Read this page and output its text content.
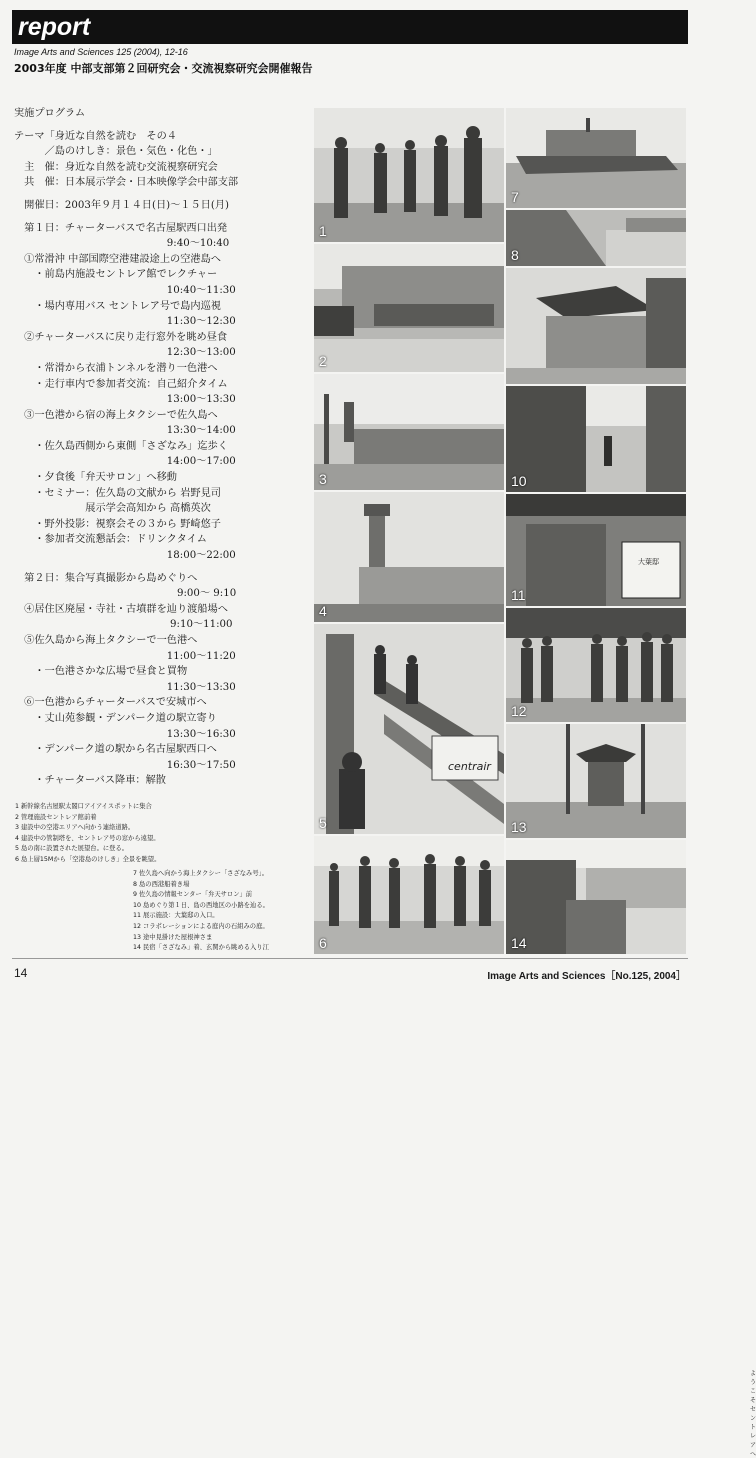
report
Image Arts and Sciences 125 (2004), 12-16
2003年度 中部支部第２回研究会・交流視察研究会開催報告
実施プログラム
テーマ「身近な自然を読む　その４
　　　／島のけしき：景色・気色・化色・」
　主　催：身近な自然を読む交流視察研究会
　共　催：日本展示学会・日本映像学会中部支部
　開催日：2003年９月１４日(日)～１５日(月)
　第１日：チャーターバスで名古屋駅西口出発
　　　　　　　　　　　　　　　9:40～10:40
　①常滑沖 中部国際空港建設途上の空港島へ
　　・前島内施設セントレア館でレクチャー
　　　　　　　　　　　　　　　10:40～11:30
　　・場内専用バス セントレア号で島内巡視
　　　　　　　　　　　　　　　11:30～12:30
　②チャーターバスに戻り走行窓外を眺め昼食
　　　　　　　　　　　　　　　12:30～13:00
　　・常滑から衣浦トンネルを潜り一色港へ
　　・走行車内で参加者交流：自己紹介タイム
　　　　　　　　　　　　　　　13:00～13:30
　③一色港から宿の海上タクシーで佐久島へ
　　　　　　　　　　　　　　　13:30～14:00
　　・佐久島西側から東側「さざなみ」迄歩く
　　　　　　　　　　　　　　　14:00～17:00
　　・夕食後「弁天サロン」へ移動
　　・セミナー：佐久島の文献から 岩野見司
　　　　　　　展示学会高知から 高橋英次
　　・野外投影：視察会その３から 野崎悠子
　　・参加者交流懇話会：ドリンクタイム
　　　　　　　　　　　　　　　18:00～22:00
　第２日：集合写真撮影から島めぐりへ
　　　　　　　　　　　　　　　　9:00～ 9:10
　④居住区廃屋・寺社・古墳群を辿り渡船場へ
　　　　　　　　　　　　　　　 9:10～11:00
　⑤佐久島から海上タクシーで一色港へ
　　　　　　　　　　　　　　　11:00～11:20
　　・一色港さかな広場で昼食と買物
　　　　　　　　　　　　　　　11:30～13:30
　⑥一色港からチャーターバスで安城市へ
　　・丈山苑参観・デンパーク道の駅立寄り
　　　　　　　　　　　　　　　13:30～16:30
　　・デンパーク道の駅から名古屋駅西口へ
　　　　　　　　　　　　　　　16:30～17:50
　　・チャーターバス降車：解散
1
2
3
4
ようこそ セントレアへ
5
centrair
6
7
8
10
11
大葉邸
12
13
14
1 新幹線名古屋駅太閤口アイアイスポットに集合
2 管理施設セントレア館前着
3 建設中の空港エリアへ向かう連絡道路。
4 建設中の管制塔を、セントレア号の窓から遠望。
5 島の南に設置された展望台。に登る。
6 島上層15Mから「空港島のけしき」全景を眺望。
7 佐久島へ向かう海上タクシー「さざなみ号」。
8 島の西港船着き場
9 佐久島の情報センター「弁天サロン」前
10 島めぐり第１日、島の西地区の小路を辿る。
11 展示施設：大葉邸の入口。
12 コラボレーションによる庭内の石組みの庭。
13 途中見掛けた屋根神さま
14 民宿「さざなみ」着、玄関から眺める入り江
14	Image Arts and Sciences［No.125, 2004］
